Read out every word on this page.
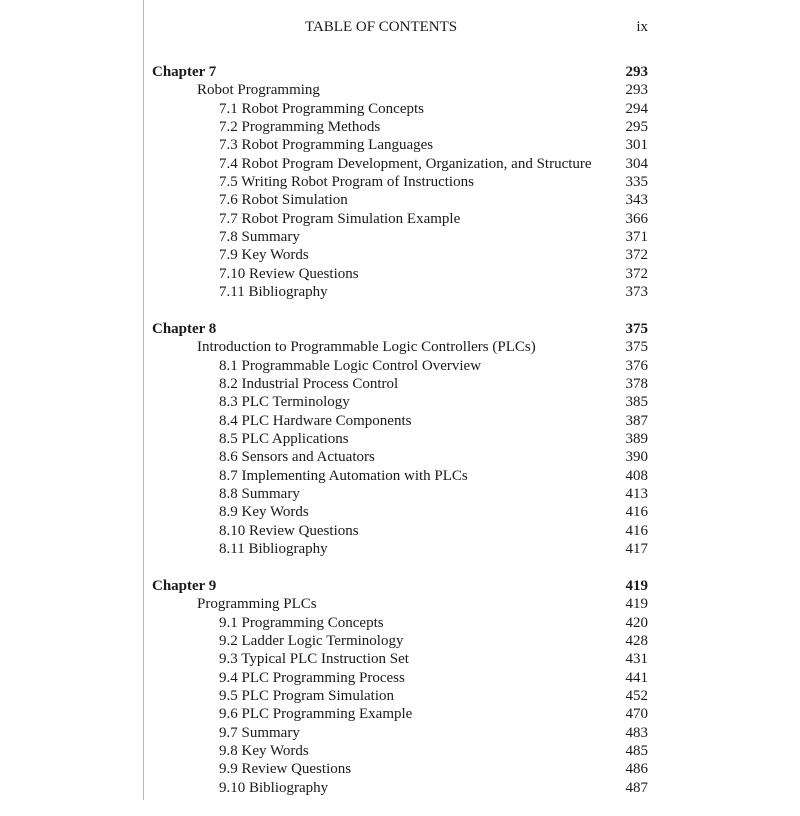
TABLE OF CONTENTS	ix
Chapter 7	293
Robot Programming	293
7.1 Robot Programming Concepts	294
7.2 Programming Methods	295
7.3 Robot Programming Languages	301
7.4 Robot Program Development, Organization, and Structure 304
7.5 Writing Robot Program of Instructions	335
7.6 Robot Simulation	343
7.7 Robot Program Simulation Example	366
7.8 Summary	371
7.9 Key Words	372
7.10 Review Questions	372
7.11 Bibliography	373
Chapter 8	375
Introduction to Programmable Logic Controllers (PLCs)	375
8.1 Programmable Logic Control Overview	376
8.2 Industrial Process Control	378
8.3 PLC Terminology	385
8.4 PLC Hardware Components	387
8.5 PLC Applications	389
8.6 Sensors and Actuators	390
8.7 Implementing Automation with PLCs	408
8.8 Summary	413
8.9 Key Words	416
8.10 Review Questions	416
8.11 Bibliography	417
Chapter 9	419
Programming PLCs	419
9.1 Programming Concepts	420
9.2 Ladder Logic Terminology	428
9.3 Typical PLC Instruction Set	431
9.4 PLC Programming Process	441
9.5 PLC Program Simulation	452
9.6 PLC Programming Example	470
9.7 Summary	483
9.8 Key Words	485
9.9 Review Questions	486
9.10 Bibliography	487
